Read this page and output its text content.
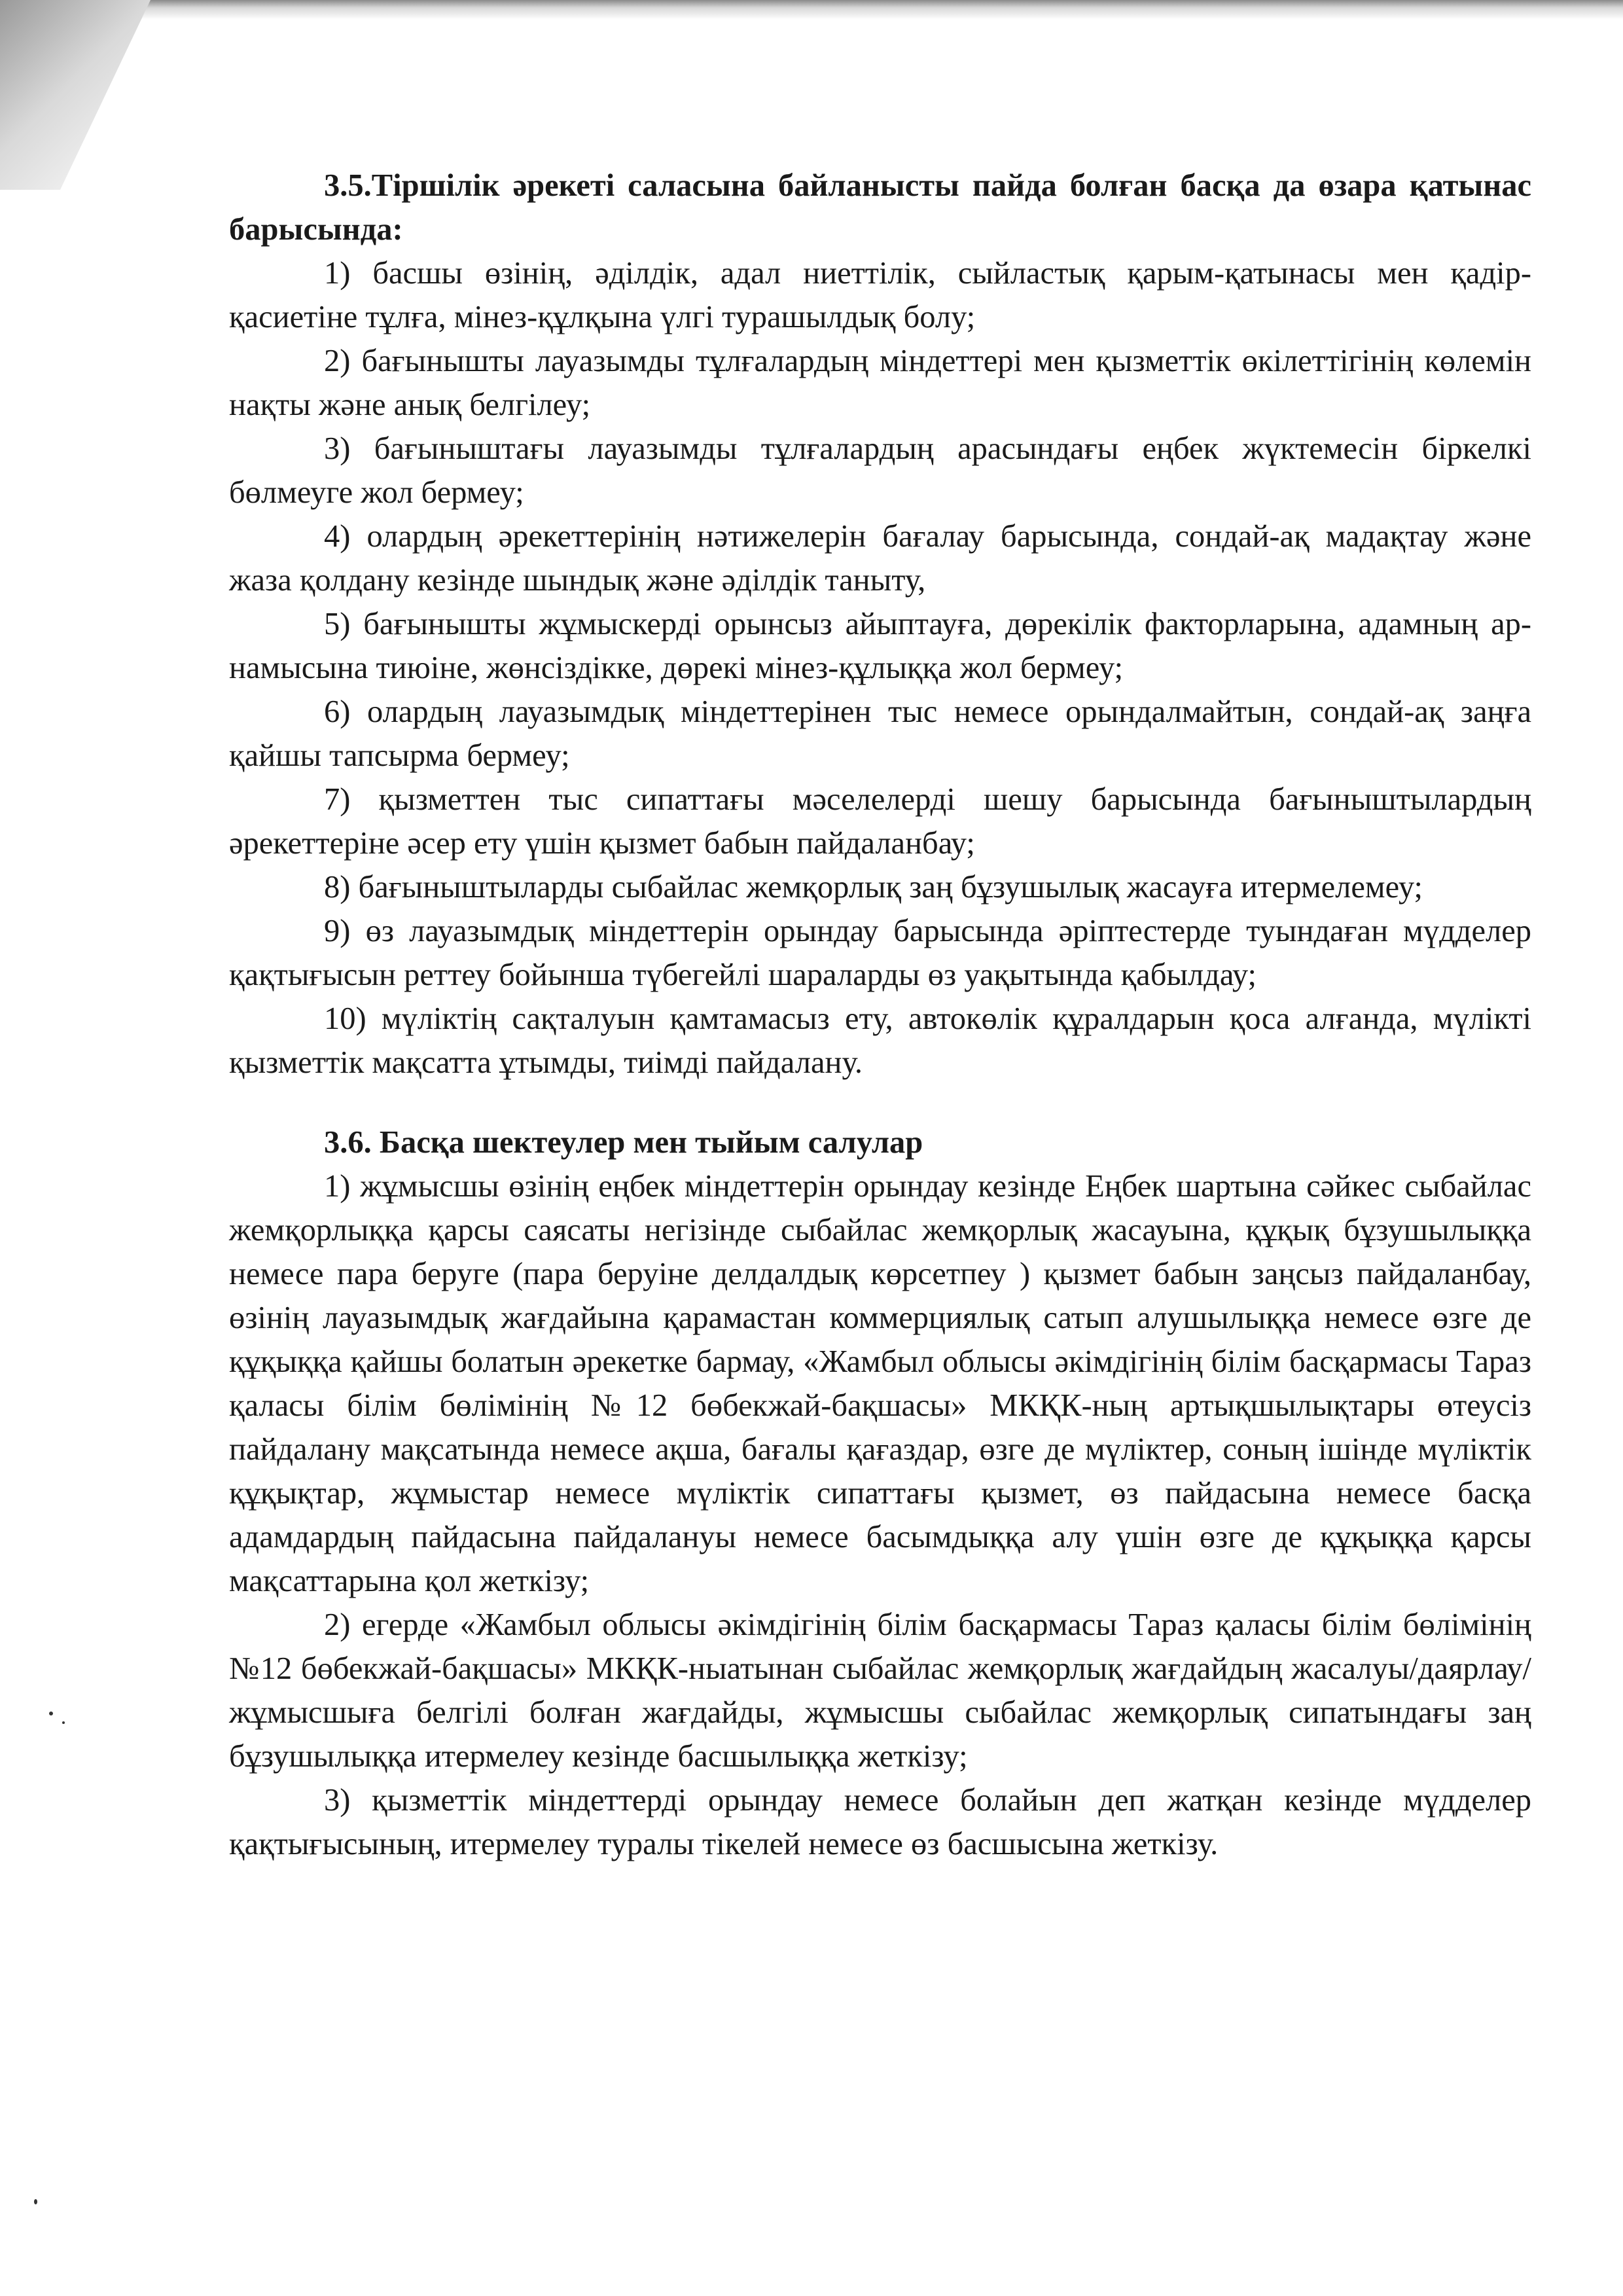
3.5.Тіршілік әрекеті саласына байланысты пайда болған басқа да өзара қатынас барысында:

1) басшы өзінің, әділдік, адал ниеттілік, сыйластық қарым-қатынасы мен қадір-қасиетіне тұлға, мінез-құлқына үлгі турашылдық болу;

2) бағынышты лауазымды тұлғалардың міндеттері мен қызметтік өкілеттігінің көлемін нақты және анық белгілеу;

3) бағыныштағы лауазымды тұлғалардың арасындағы еңбек жүктемесін біркелкі бөлмеуге жол бермеу;

4) олардың әрекеттерінің нәтижелерін бағалау барысында, сондай-ақ мадақтау және жаза қолдану кезінде шындық және әділдік таныту,

5) бағынышты жұмыскерді орынсыз айыптауға, дөрекілік факторларына, адамның ар-намысына тиюіне, жөнсіздікке, дөрекі мінез-құлыққа жол бермеу;

6) олардың лауазымдық міндеттерінен тыс немесе орындалмайтын, сондай-ақ заңға қайшы тапсырма бермеу;

7) қызметтен тыс сипаттағы мәселелерді шешу барысында бағыныштылардың әрекеттеріне әсер ету үшін қызмет бабын пайдаланбау;

8) бағыныштыларды сыбайлас жемқорлық заң бұзушылық жасауға итермелемеу;

9) өз лауазымдық міндеттерін орындау барысында әріптестерде туындаған мүдделер қақтығысын реттеу бойынша түбегейлі шараларды өз уақытында қабылдау;

10) мүліктің сақталуын қамтамасыз ету, автокөлік құралдарын қоса алғанда, мүлікті қызметтік мақсатта ұтымды, тиімді пайдалану.

3.6. Басқа шектеулер мен тыйым салулар

1) жұмысшы өзінің еңбек міндеттерін орындау кезінде Еңбек шартына сәйкес сыбайлас жемқорлыққа қарсы саясаты негізінде сыбайлас жемқорлық жасауына, құқық бұзушылыққа немесе пара беруге (пара беруіне делдалдық көрсетпеу ) қызмет бабын заңсыз пайдаланбау, өзінің лауазымдық жағдайына қарамастан коммерциялық сатып алушылыққа немесе өзге де құқыққа қайшы болатын әрекетке бармау, «Жамбыл облысы әкімдігінің білім басқармасы Тараз қаласы білім бөлімінің №12 бөбекжай-бақшасы» МКҚК-ның артықшылықтары өтеусіз пайдалану мақсатында немесе ақша, бағалы қағаздар, өзге де мүліктер, соның ішінде мүліктік құқықтар, жұмыстар немесе мүліктік сипаттағы қызмет, өз пайдасына немесе басқа адамдардың пайдасына пайдалануы немесе басымдыққа алу үшін өзге де құқыққа қарсы мақсаттарына қол жеткізу;

2) егерде «Жамбыл облысы әкімдігінің білім басқармасы Тараз қаласы білім бөлімінің №12 бөбекжай-бақшасы» МКҚК-ныатынан сыбайлас жемқорлық жағдайдың жасалуы/даярлау/ жұмысшыға белгілі болған жағдайды, жұмысшы сыбайлас жемқорлық сипатындағы заң бұзушылыққа итермелеу кезінде басшылыққа жеткізу;

3) қызметтік міндеттерді орындау немесе болайын деп жатқан кезінде мүдделер қақтығысының, итермелеу туралы тікелей немесе өз басшысына жеткізу.
